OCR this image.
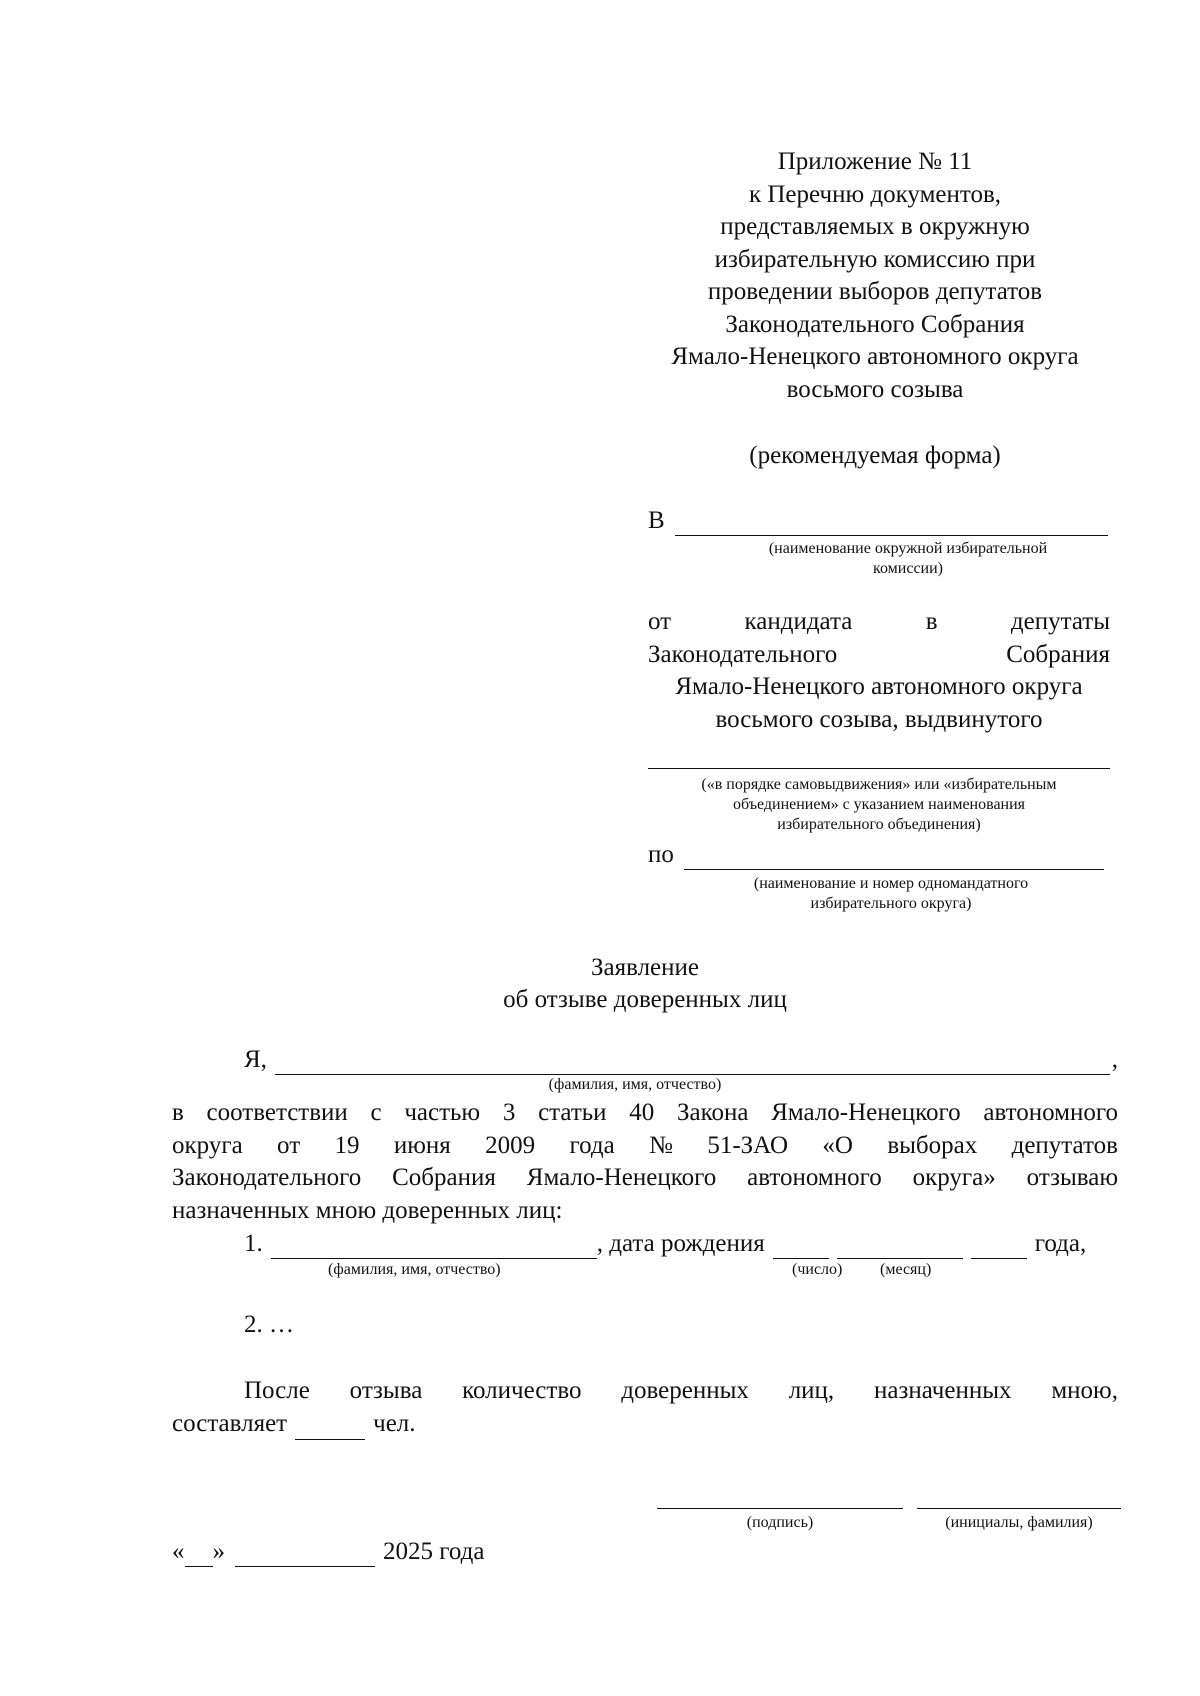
Приложение № 11
к Перечню документов,
представляемых в окружную
избирательную комиссию при
проведении выборов депутатов
Законодательного Собрания
Ямало-Ненецкого автономного округа
восьмого созыва
(рекомендуемая форма)
В
(наименование окружной избирательной
комиссии)
от	кандидата	в	депутаты
Законодательного	Собрания
Ямало-Ненецкого автономного округа
восьмого созыва, выдвинутого
(«в порядке самовыдвижения» или «избирательным
объединением» с указанием наименования
избирательного объединения)
по
(наименование и номер одномандатного
избирательного округа)
Заявление
об отзыве доверенных лиц
Я,	,
(фамилия, имя, отчество)
в соответствии с частью 3 статьи 40 Закона Ямало-Ненецкого автономного
округа от 19 июня 2009 года № 51-ЗАО «О выборах депутатов
Законодательного Собрания Ямало-Ненецкого автономного округа» отзываю
назначенных мною доверенных лиц:
1.	, дата рождения	года,
(фамилия, имя, отчество)	(число) (месяц)
2. …
После отзыва количество доверенных лиц, назначенных мною,
составляет	чел.
(подпись)	(инициалы, фамилия)
« »	2025 года
